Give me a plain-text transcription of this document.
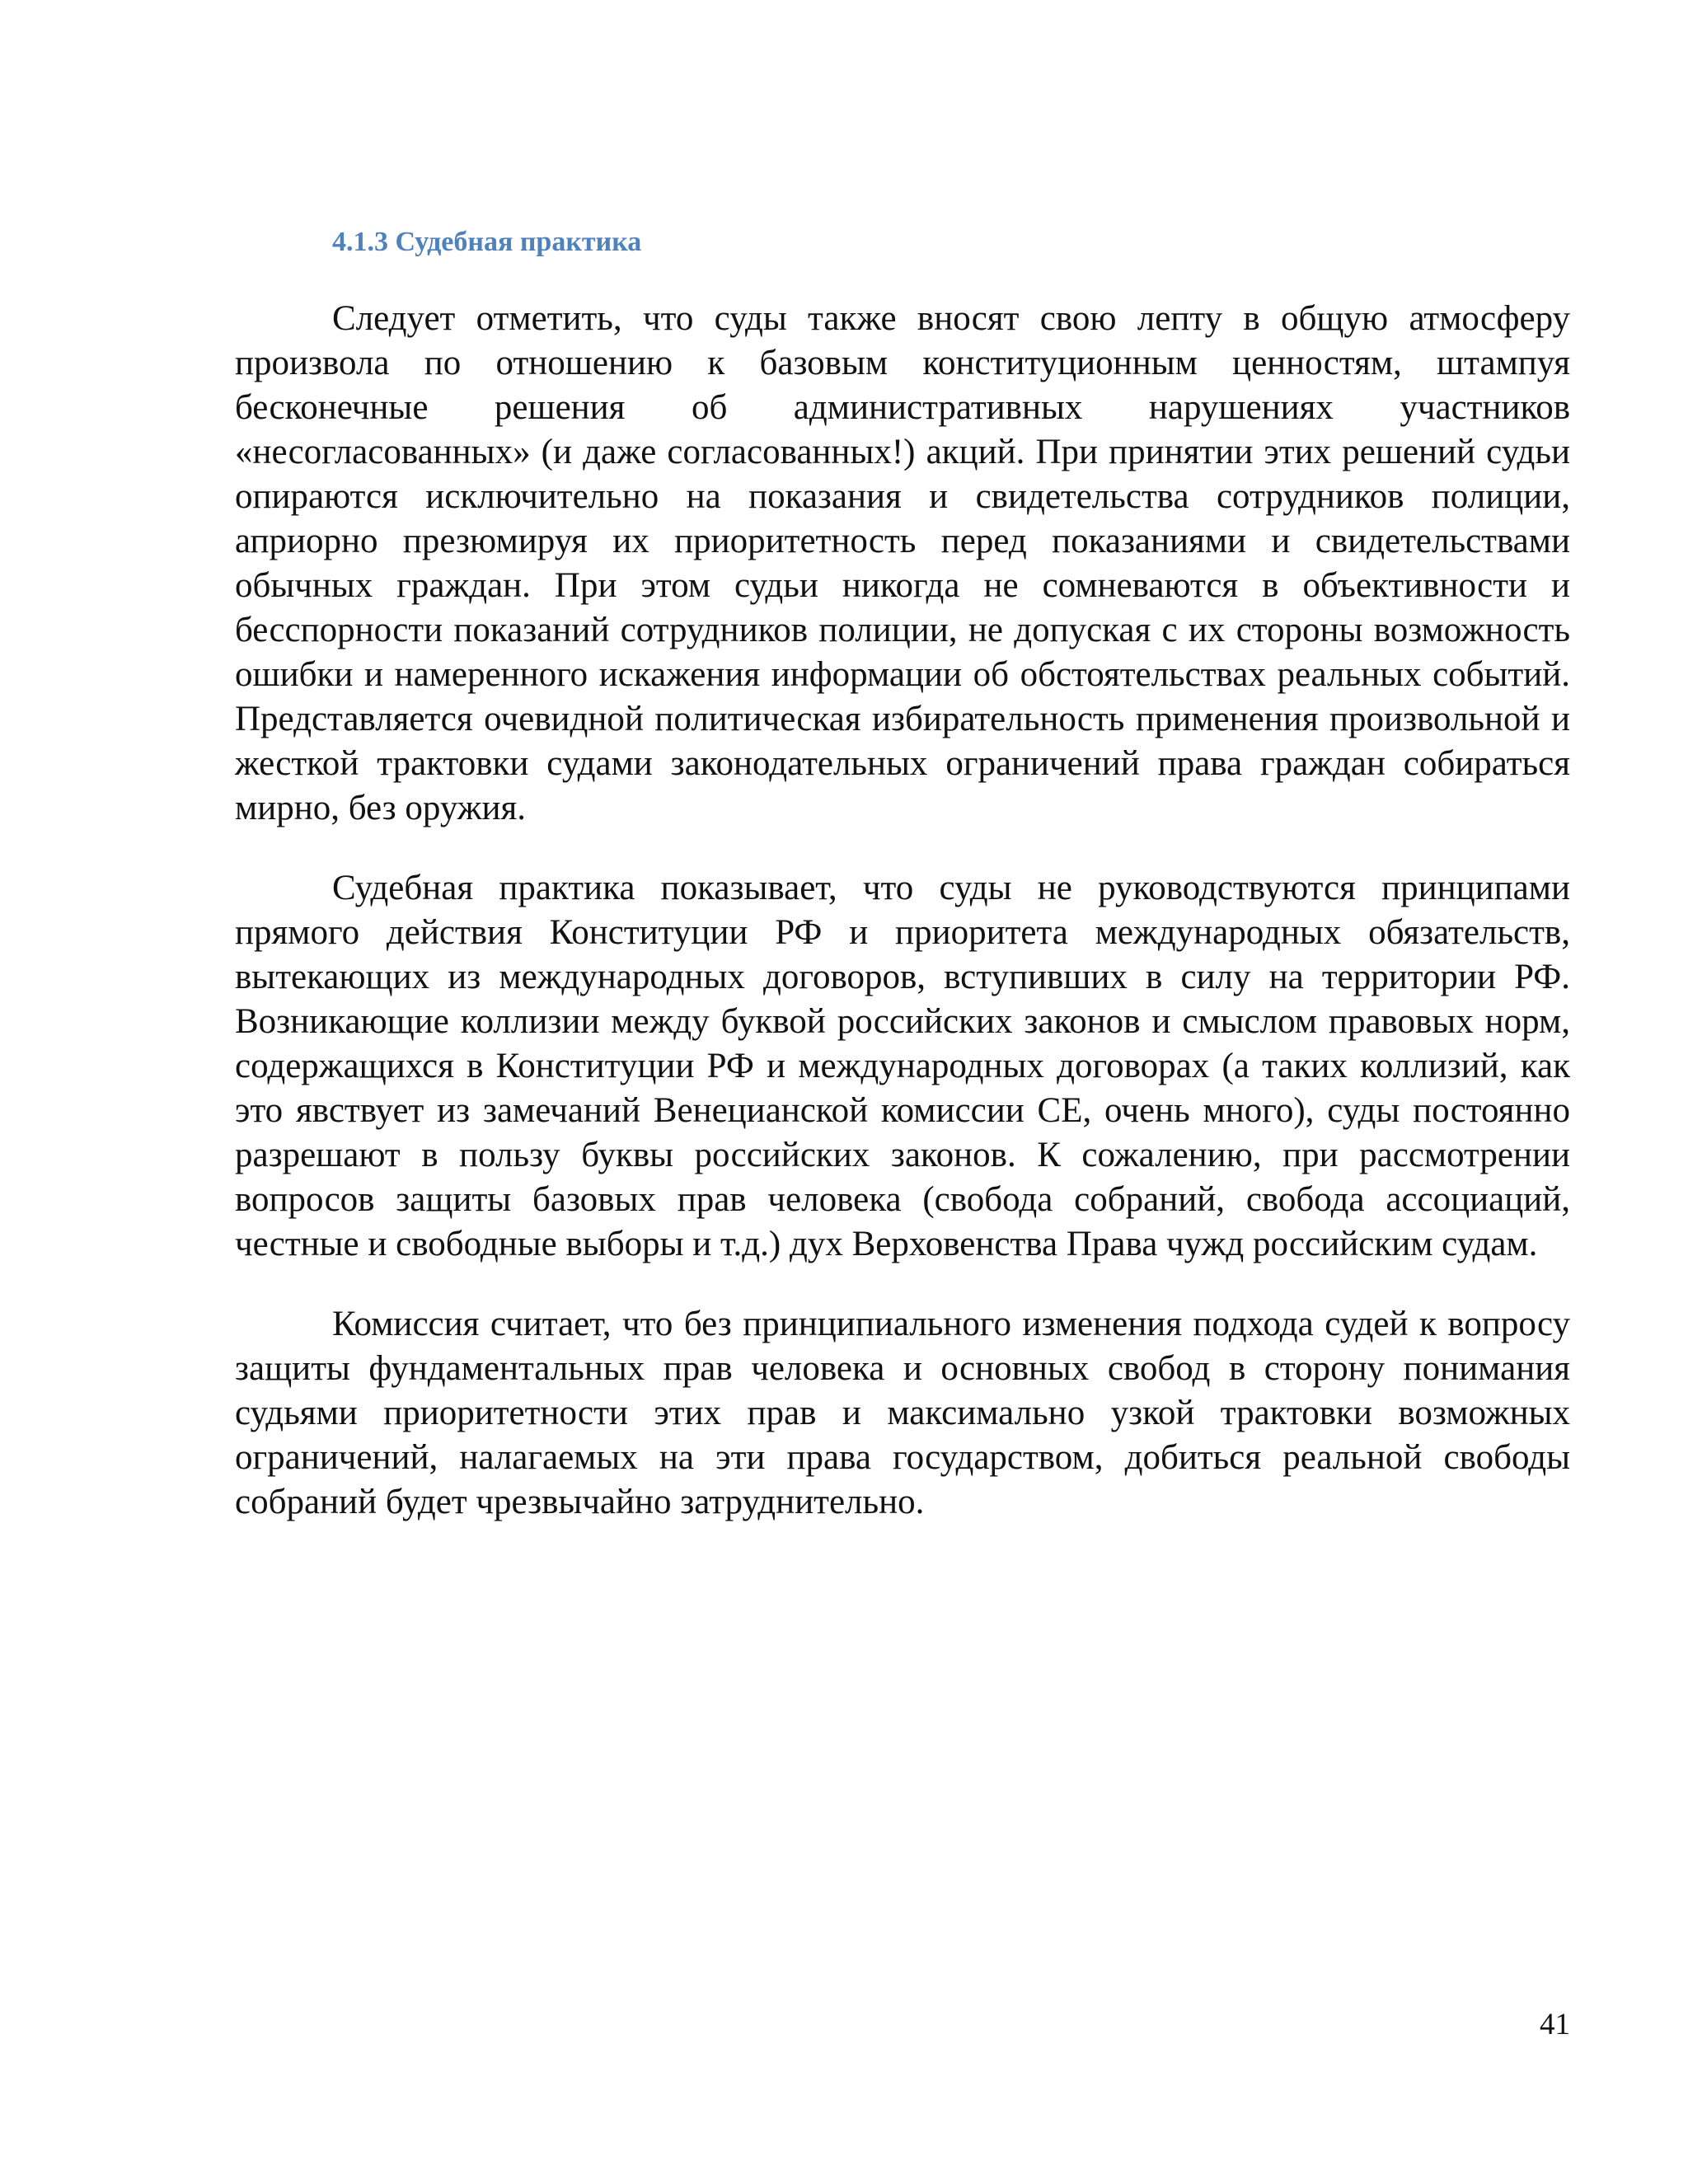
4.1.3 Судебная практика

Следует отметить, что суды также вносят свою лепту в общую атмосферу произвола по отношению к базовым конституционным ценностям, штампуя бесконечные решения об административных нарушениях участников «несогласованных» (и даже согласованных!) акций. При принятии этих решений судьи опираются исключительно на показания и свидетельства сотрудников полиции, априорно презюмируя их приоритетность перед показаниями и свидетельствами обычных граждан. При этом судьи никогда не сомневаются в объективности и бесспорности показаний сотрудников полиции, не допуская с их стороны возможность ошибки и намеренного искажения информации об обстоятельствах реальных событий. Представляется очевидной политическая избирательность применения произвольной и жесткой трактовки судами законодательных ограничений права граждан собираться мирно, без оружия.

Судебная практика показывает, что суды не руководствуются принципами прямого действия Конституции РФ и приоритета международных обязательств, вытекающих из международных договоров, вступивших в силу на территории РФ. Возникающие коллизии между буквой российских законов и смыслом правовых норм, содержащихся в Конституции РФ и международных договорах (а таких коллизий, как это явствует из замечаний Венецианской комиссии СЕ, очень много), суды постоянно разрешают в пользу буквы российских законов. К сожалению, при рассмотрении вопросов защиты базовых прав человека (свобода собраний, свобода ассоциаций, честные и свободные выборы и т.д.) дух Верховенства Права чужд российским судам.

Комиссия считает, что без принципиального изменения подхода судей к вопросу защиты фундаментальных прав человека и основных свобод в сторону понимания судьями приоритетности этих прав и максимально узкой трактовки возможных ограничений, налагаемых на эти права государством, добиться реальной свободы собраний будет чрезвычайно затруднительно.

41
